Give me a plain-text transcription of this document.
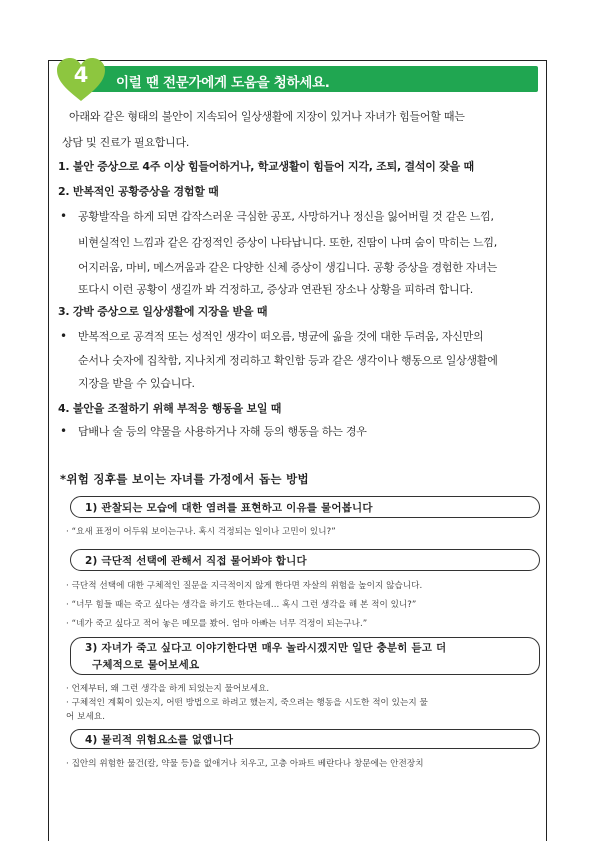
이럴 땐 전문가에게 도움을 청하세요.
4
아래와 같은 형태의 불안이 지속되어 일상생활에 지장이 있거나 자녀가 힘들어할 때는
상담 및 진료가 필요합니다.
1. 불안 증상으로 4주 이상 힘들어하거나, 학교생활이 힘들어 지각, 조퇴, 결석이 잦을 때
2. 반복적인 공황증상을 경험할 때
• 공황발작을 하게 되면 갑작스러운 극심한 공포, 사망하거나 정신을 잃어버릴 것 같은 느낌,
비현실적인 느낌과 같은 감정적인 증상이 나타납니다. 또한, 진땀이 나며 숨이 막히는 느낌,
어지러움, 마비, 메스꺼움과 같은 다양한 신체 증상이 생깁니다. 공황 증상을 경험한 자녀는
또다시 이런 공황이 생길까 봐 걱정하고, 증상과 연관된 장소나 상황을 피하려 합니다.
3. 강박 증상으로 일상생활에 지장을 받을 때
• 반복적으로 공격적 또는 성적인 생각이 떠오름, 병균에 옮을 것에 대한 두려움, 자신만의
순서나 숫자에 집착함, 지나치게 정리하고 확인함 등과 같은 생각이나 행동으로 일상생활에
지장을 받을 수 있습니다.
4. 불안을 조절하기 위해 부적응 행동을 보일 때
• 담배나 술 등의 약물을 사용하거나 자해 등의 행동을 하는 경우
*위험 징후를 보이는 자녀를 가정에서 돕는 방법
1) 관찰되는 모습에 대한 염려를 표현하고 이유를 물어봅니다
· “요새 표정이 어두워 보이는구나. 혹시 걱정되는 일이나 고민이 있니?”
2) 극단적 선택에 관해서 직접 물어봐야 합니다
· 극단적 선택에 대한 구체적인 질문을 지극적이지 않게 한다면 자살의 위험을 높이지 않습니다.
· “너무 힘들 때는 죽고 싶다는 생각을 하기도 한다는데... 혹시 그런 생각을 해 본 적이 있니?”
· “네가 죽고 싶다고 적어 놓은 메모를 봤어. 엄마 아빠는 너무 걱정이 되는구나.”
3) 자녀가 죽고 싶다고 이야기한다면 매우 놀라시겠지만 일단 충분히 듣고 더
구체적으로 물어보세요
· 언제부터, 왜 그런 생각을 하게 되었는지 물어보세요.
· 구체적인 계획이 있는지, 어떤 방법으로 하려고 했는지, 죽으려는 행동을 시도한 적이 있는지 물
어 보세요.
4) 물리적 위험요소를 없앱니다
· 집안의 위험한 물건(칼, 약물 등)을 없애거나 치우고, 고층 아파트 베란다나 창문에는 안전장치
